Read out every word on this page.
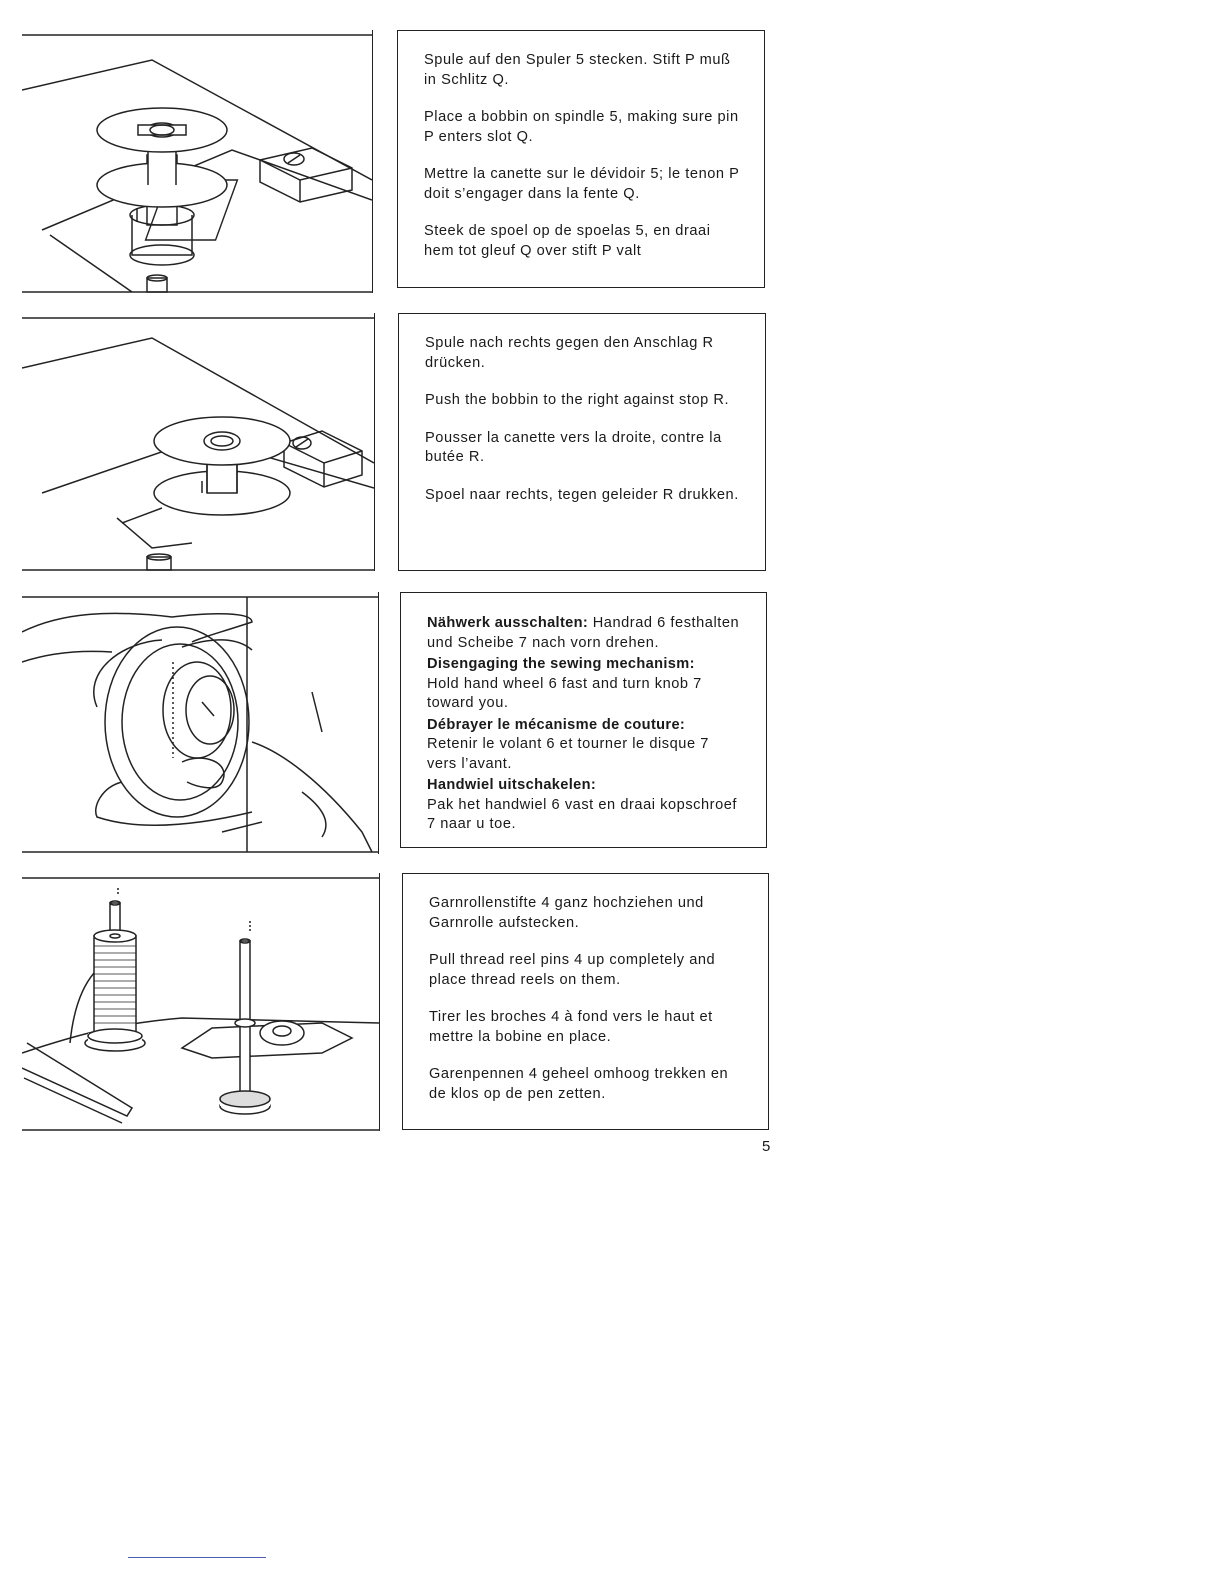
Spule auf den Spuler 5 stecken. Stift P muß in Schlitz Q.

Place a bobbin on spindle 5, making sure pin P enters slot Q.

Mettre la canette sur le dévidoir 5; le tenon P doit s’engager dans la fente Q.

Steek de spoel op de spoelas 5, en draai hem tot gleuf Q over stift P valt

Spule nach rechts gegen den Anschlag R drücken.

Push the bobbin to the right against stop R.

Pousser la canette vers la droite, contre la butée R.

Spoel naar rechts, tegen geleider R drukken.

Nähwerk ausschalten: Handrad 6 festhalten und Scheibe 7 nach vorn drehen.

Disengaging the sewing mechanism:
Hold hand wheel 6 fast and turn knob 7 toward you.

Débrayer le mécanisme de couture:
Retenir le volant 6 et tourner le disque 7 vers l’avant.

Handwiel uitschakelen:
Pak het handwiel 6 vast en draai kopschroef 7 naar u toe.

Garnrollenstifte 4 ganz hochziehen und Garnrolle aufstecken.

Pull thread reel pins 4 up completely and place thread reels on them.

Tirer les broches 4 à fond vers le haut et mettre la bobine en place.

Garenpennen 4 geheel omhoog trekken en de klos op de pen zetten.

5
